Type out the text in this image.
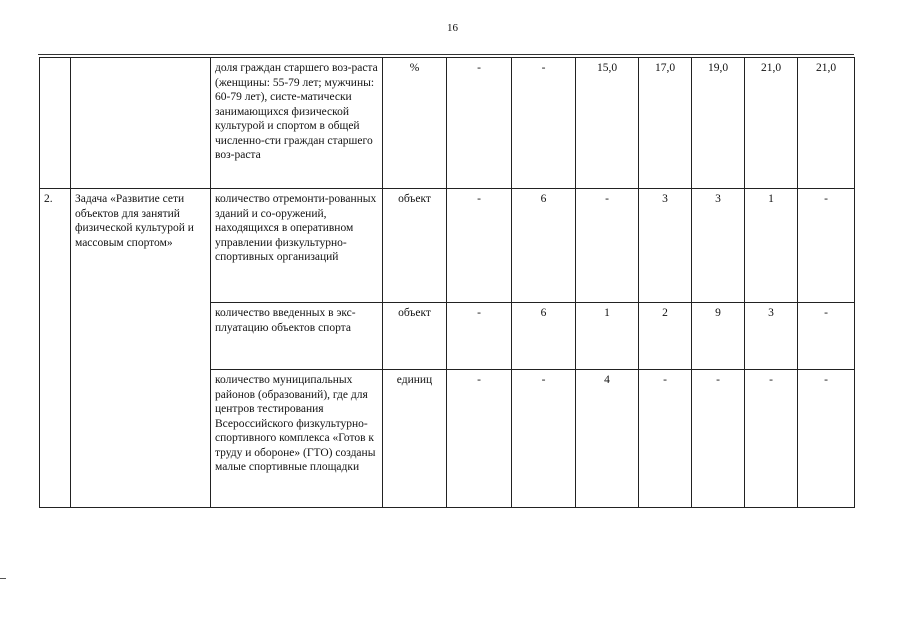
16
		доля граждан старшего воз-раста (женщины: 55-79 лет; мужчины: 60-79 лет), систе-матически занимающихся физической культурой и спортом в общей численно-сти граждан старшего воз-раста	%	-	-	15,0	17,0	19,0	21,0	21,0
2.	Задача «Развитие сети объектов для занятий физической культурой и массовым спортом»	количество отремонти-рованных зданий и со-оружений, находящихся в оперативном управлении физкультурно-спортивных организаций	объект	-	6	-	3	3	1	-
		количество введенных в экс-плуатацию объектов спорта	объект	-	6	1	2	9	3	-
		количество муниципальных районов (образований), где для центров тестирования Всероссийского физкультурно-спортивного комплекса «Готов к труду и обороне» (ГТО) созданы малые спортивные площадки	единиц	-	-	4	-	-	-	-
